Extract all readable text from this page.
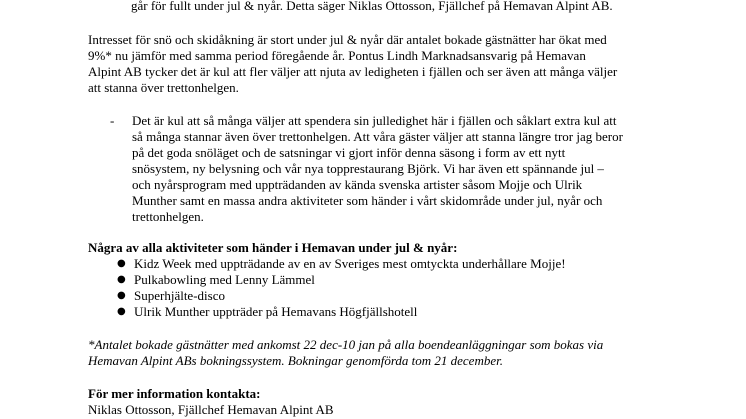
går för fullt under jul & nyår. Detta säger Niklas Ottosson, Fjällchef på Hemavan Alpint AB.

Intresset för snö och skidåkning är stort under jul & nyår där antalet bokade gästnätter har ökat med

9%* nu jämför med samma period föregående år. Pontus Lindh Marknadsansvarig på Hemavan

Alpint AB tycker det är kul att fler väljer att njuta av ledigheten i fjällen och ser även att många väljer

att stanna över trettonhelgen.

- Det är kul att så många väljer att spendera sin julledighet här i fjällen och såklart extra kul att

så många stannar även över trettonhelgen. Att våra gäster väljer att stanna längre tror jag beror

på det goda snöläget och de satsningar vi gjort inför denna säsong i form av ett nytt

snösystem, ny belysning och vår nya topprestaurang Björk. Vi har även ett spännande jul –

och nyårsprogram med uppträdanden av kända svenska artister såsom Mojje och Ulrik

Munther samt en massa andra aktiviteter som händer i vårt skidområde under jul, nyår och

trettonhelgen.

Några av alla aktiviteter som händer i Hemavan under jul & nyår:

● Kidz Week med uppträdande av en av Sveriges mest omtyckta underhållare Mojje!
● Pulkabowling med Lenny Lämmel
● Superhjälte-disco
● Ulrik Munther uppträder på Hemavans Högfjällshotell

*Antalet bokade gästnätter med ankomst 22 dec-10 jan på alla boendeanläggningar som bokas via

Hemavan Alpint ABs bokningssystem. Bokningar genomförda tom 21 december.

För mer information kontakta:

Niklas Ottosson, Fjällchef Hemavan Alpint AB
